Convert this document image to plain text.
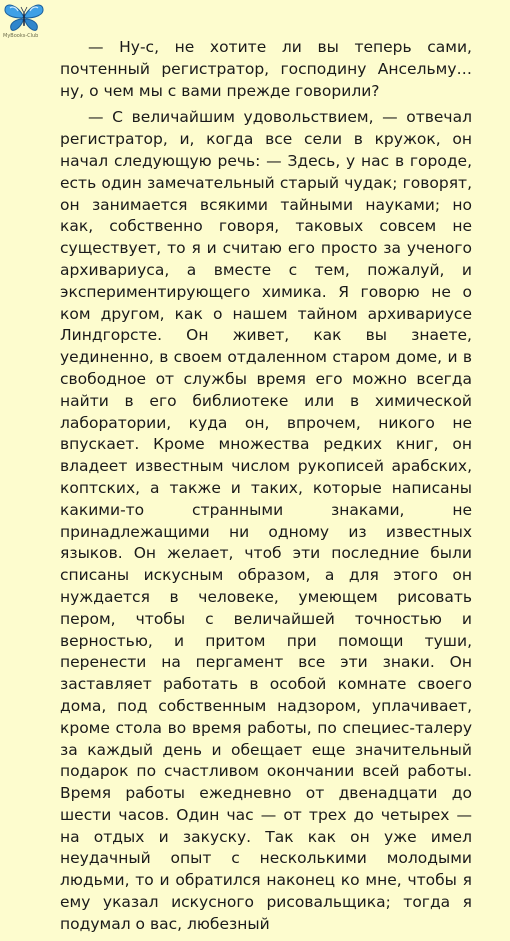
MyBooks-Club

— Ну-с, не хотите ли вы теперь сами, почтенный регистратор, господину Ансельму… ну, о чем мы с вами прежде говорили?

— С величайшим удовольствием, — отвечал регистратор, и, когда все сели в кружок, он начал следующую речь: — Здесь, у нас в городе, есть один замечательный старый чудак; говорят, он занимается всякими тайными науками; но как, собственно говоря, таковых совсем не существует, то я и считаю его просто за ученого архивариуса, а вместе с тем, пожалуй, и экспериментирующего химика. Я говорю не о ком другом, как о нашем тайном архивариусе Линдгорсте. Он живет, как вы знаете, уединенно, в своем отдаленном старом доме, и в свободное от службы время его можно всегда найти в его библиотеке или в химической лаборатории, куда он, впрочем, никого не впускает. Кроме множества редких книг, он владеет известным числом рукописей арабских, коптских, а также и таких, которые написаны какими-то странными знаками, не принадлежащими ни одному из известных языков. Он желает, чтоб эти последние были списаны искусным образом, а для этого он нуждается в человеке, умеющем рисовать пером, чтобы с величайшей точностью и верностью, и притом при помощи туши, перенести на пергамент все эти знаки. Он заставляет работать в особой комнате своего дома, под собственным надзором, уплачивает, кроме стола во время работы, по специес-талеру за каждый день и обещает еще значительный подарок по счастливом окончании всей работы. Время работы ежедневно от двенадцати до шести часов. Один час — от трех до четырех — на отдых и закуску. Так как он уже имел неудачный опыт с несколькими молодыми людьми, то и обратился наконец ко мне, чтобы я ему указал искусного рисовальщика; тогда я подумал о вас, любезный
